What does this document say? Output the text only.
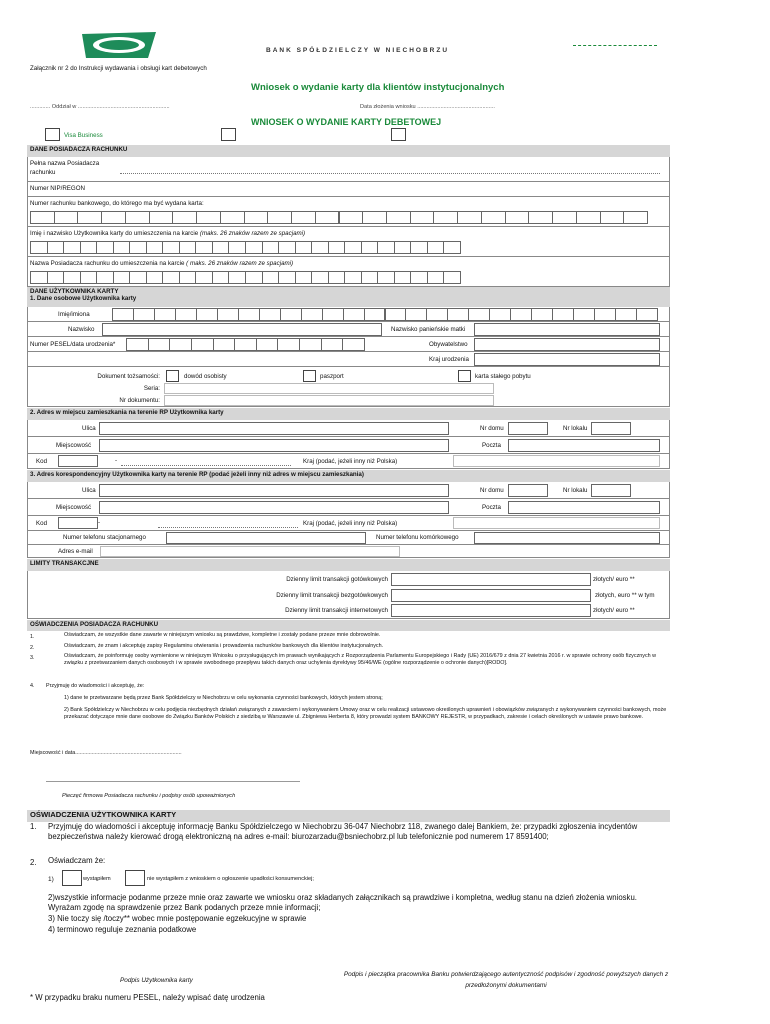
BANK SPÓŁDZIELCZY W NIECHOBRZU
Załącznik nr 2 do Instrukcji wydawania i obsługi kart debetowych
Wniosek o wydanie karty dla klientów instytucjonalnych
............. Oddział w ...........................................................	Data złożenia wniosku ..................................................
WNIOSEK O WYDANIE KARTY DEBETOWEJ
Visa Business
DANE POSIADACZA RACHUNKU
Pełna nazwa Posiadacza
rachunku
Numer NIP/REGON
Numer rachunku bankowego, do którego ma być wydana karta:
Imię i nazwisko Użytkownika karty do umieszczenia na karcie (maks. 26 znaków razem ze spacjami)
Nazwa Posiadacza rachunku do umieszczenia na karcie ( maks. 26 znaków razem ze spacjami)
DANE UŻYTKOWNIKA KARTY
1. Dane osobowe Użytkownika karty
Imię/imiona
Nazwisko	Nazwisko panieńskie matki
Numer PESEL/data urodzenia*	Obywatelstwo
Kraj urodzenia
Dokument tożsamości:	dowód osobisty	paszport	karta stałego pobytu
Seria:
Nr dokumentu:
2. Adres w miejscu zamieszkania na terenie RP Użytkownika karty
Ulica	Nr domu	Nr lokalu
Miejscowość	Poczta
Kod	-	Kraj (podać, jeżeli inny niż Polska)
3. Adres korespondencyjny Użytkownika karty na terenie RP (podać jeżeli inny niż adres w miejscu zamieszkania)
Ulica	Nr domu	Nr lokalu
Miejscowość	Poczta
Kod	-	Kraj (podać, jeżeli inny niż Polska)
Numer telefonu stacjonarnego	Numer telefonu komórkowego
Adres e-mail
LIMITY TRANSAKCJNE
Dzienny limit transakcji gotówkowych	złotych/ euro **
Dzienny limit transakcji bezgotówkowych	złotych, euro ** w tym
Dzienny limit transakcji internetowych	złotych/ euro **
OŚWIADCZENIA POSIADACZA RACHUNKU
1.	Oświadczam, że wszystkie dane zawarte w niniejszym wniosku są prawdziwe, kompletne i zostały podane przeze mnie dobrowolnie.
2.	Oświadczam, że znam i akceptuję zapisy Regulaminu otwierania i prowadzenia rachunków bankowych dla klientów instytucjonalnych.
3.	Oświadczam, że poinformuję osoby wymienione w niniejszym Wniosku o przysługujących im prawach wynikających z Rozporządzenia Parlamentu Europejskiego i Rady (UE) 2016/679 z dnia 27 kwietnia 2016 r. w sprawie ochrony osób fizycznych w związku z przetwarzaniem danych osobowych i w sprawie swobodnego przepływu takich danych oraz uchylenia dyrektywy 95/46/WE (ogólne rozporządzenie o ochronie danych)[RODO].
4. Przyjmuję do wiadomości i akceptuję, że:
1) dane te przetwarzane będą przez Bank Spółdzielczy w Niechobrzu w celu wykonania czynności bankowych, których jestem stroną;
2) Bank Spółdzielczy w Niechobrzu w celu podjęcia niezbędnych działań związanych z zawarciem i wykonywaniem Umowy oraz w celu realizacji ustawowo określonych uprawnień i obowiązków związanych z wykonywaniem czynności bankowych, może przekazać dotyczące mnie dane osobowe do Związku Banków Polskich z siedzibą w Warszawie ul. Zbigniewa Herberta 8, który prowadzi system BANKOWY REJESTR, w przypadkach, zakresie i celach określonych w ustawie prawo bankowe.
Miejscowość i data.......................................................................
Pieczęć firmowa Posiadacza rachunku i podpisy osób upoważnionych
OŚWIADCZENIA UŻYTKOWNIKA KARTY
1. Przyjmuję do wiadomości i akceptuję informację Banku Spółdzielczego w Niechobrzu 36-047 Niechobrz 118, zwanego dalej Bankiem, że: przypadki zgłoszenia incydentów bezpieczeństwa należy kierować drogą elektroniczną na adres e-mail: biurozarzadu@bsniechobrz.pl lub telefonicznie pod numerem 17 8591400;
2. Oświadczam że:
1)	wystąpiłem	nie wystąpiłem z wnioskiem o ogłoszenie upadłości konsumenckiej;
2)wszystkie informacje podanme przeze mnie oraz zawarte we wniosku oraz składanych załącznikach są prawdziwe i kompletna, według stanu na dzień złożenia wniosku. Wyrażam zgodę na sprawdzenie przez Bank podanych przeze mnie informacji;
3) Nie toczy się /toczy** wobec mnie postępowanie egzekucyjne w sprawie
4) terminowo reguluje zeznania podatkowe
Podpis Użytkownika karty
Podpis i pieczątka pracownika Banku potwierdzającego autentyczność podpisów i zgodność powyższych danych z przedłożonymi dokumentami
* W przypadku braku numeru PESEL, należy wpisać datę urodzenia
